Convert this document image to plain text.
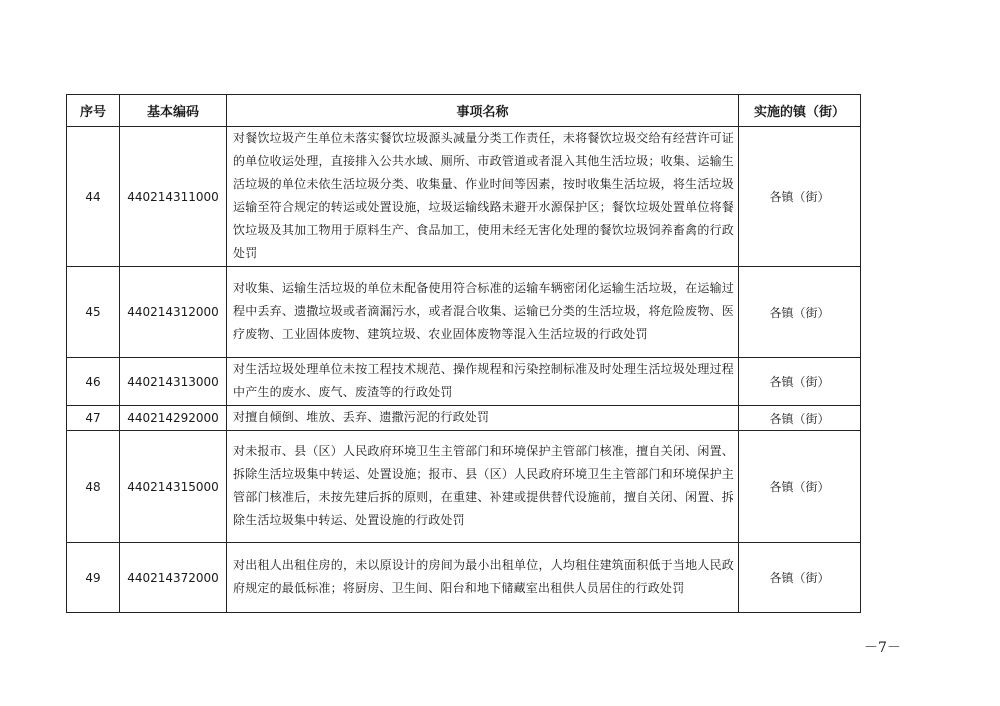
序号	基本编码	事项名称	实施的镇（街）
44	440214311000	对餐饮垃圾产生单位未落实餐饮垃圾源头减量分类工作责任，未将餐饮垃圾交给有经营许可证的单位收运处理，直接排入公共水域、厕所、市政管道或者混入其他生活垃圾；收集、运输生活垃圾的单位未依生活垃圾分类、收集量、作业时间等因素，按时收集生活垃圾，将生活垃圾运输至符合规定的转运或处置设施，垃圾运输线路未避开水源保护区；餐饮垃圾处置单位将餐饮垃圾及其加工物用于原料生产、食品加工，使用未经无害化处理的餐饮垃圾饲养畜禽的行政处罚	各镇（街）
45	440214312000	对收集、运输生活垃圾的单位未配备使用符合标准的运输车辆密闭化运输生活垃圾，在运输过程中丢弃、遗撒垃圾或者滴漏污水，或者混合收集、运输已分类的生活垃圾，将危险废物、医疗废物、工业固体废物、建筑垃圾、农业固体废物等混入生活垃圾的行政处罚	各镇（街）
46	440214313000	对生活垃圾处理单位未按工程技术规范、操作规程和污染控制标准及时处理生活垃圾处理过程中产生的废水、废气、废渣等的行政处罚	各镇（街）
47	440214292000	对擅自倾倒、堆放、丢弃、遗撒污泥的行政处罚	各镇（街）
48	440214315000	对未报市、县（区）人民政府环境卫生主管部门和环境保护主管部门核准，擅自关闭、闲置、拆除生活垃圾集中转运、处置设施；报市、县（区）人民政府环境卫生主管部门和环境保护主管部门核准后，未按先建后拆的原则，在重建、补建或提供替代设施前，擅自关闭、闲置、拆除生活垃圾集中转运、处置设施的行政处罚	各镇（街）
49	440214372000	对出租人出租住房的，未以原设计的房间为最小出租单位，人均租住建筑面积低于当地人民政府规定的最低标准；将厨房、卫生间、阳台和地下储藏室出租供人员居住的行政处罚	各镇（街）
－7－
